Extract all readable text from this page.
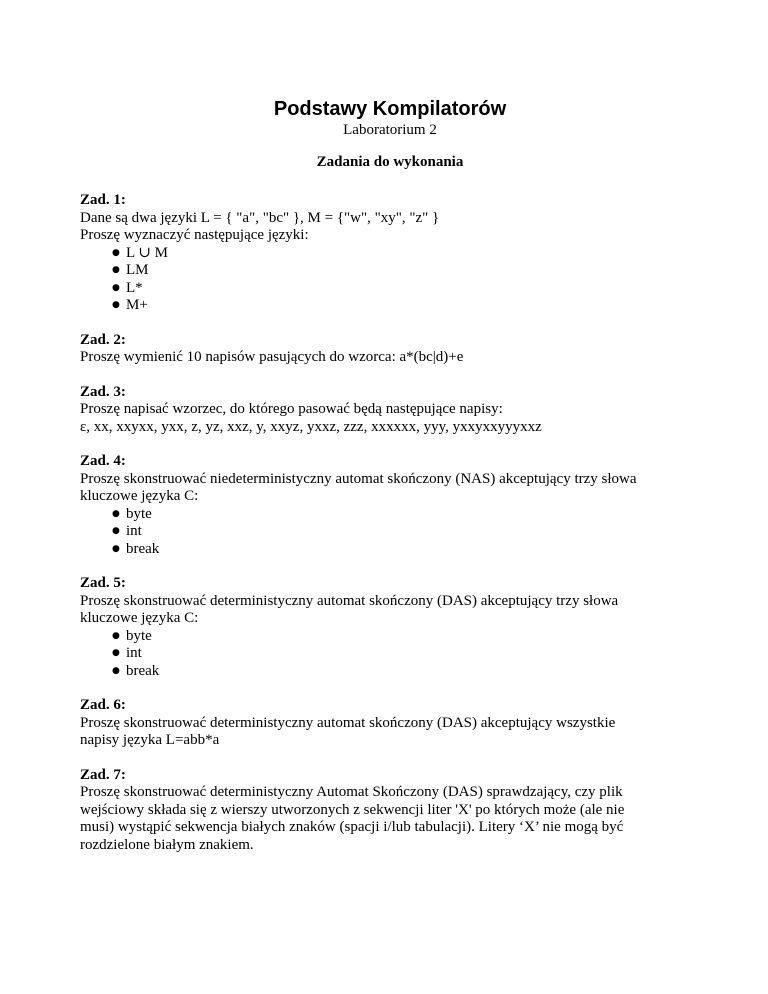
Podstawy Kompilatorów
Laboratorium 2
Zadania do wykonania
Zad. 1:
Dane są dwa języki L = { "a", "bc" }, M = {"w", "xy", "z" }
Proszę wyznaczyć następujące języki:
● L ∪ M
● LM
● L*
● M+
Zad. 2:
Proszę wymienić 10 napisów pasujących do wzorca: a*(bc|d)+e
Zad. 3:
Proszę napisać wzorzec, do którego pasować będą następujące napisy:
ε, xx, xxyxx, yxx, z, yz, xxz, y, xxyz, yxxz, zzz, xxxxxx, yyy, yxxyxxyyyxxz
Zad. 4:
Proszę skonstruować niedeterministyczny automat skończony (NAS) akceptujący trzy słowa
kluczowe języka C:
● byte
● int
● break
Zad. 5:
Proszę skonstruować deterministyczny automat skończony (DAS) akceptujący trzy słowa
kluczowe języka C:
● byte
● int
● break
Zad. 6:
Proszę skonstruować deterministyczny automat skończony (DAS) akceptujący wszystkie
napisy języka L=abb*a
Zad. 7:
Proszę skonstruować deterministyczny Automat Skończony (DAS) sprawdzający, czy plik
wejściowy składa się z wierszy utworzonych z sekwencji liter 'X' po których może (ale nie
musi) wystąpić sekwencja białych znaków (spacji i/lub tabulacji). Litery ‘X’ nie mogą być
rozdzielone białym znakiem.
